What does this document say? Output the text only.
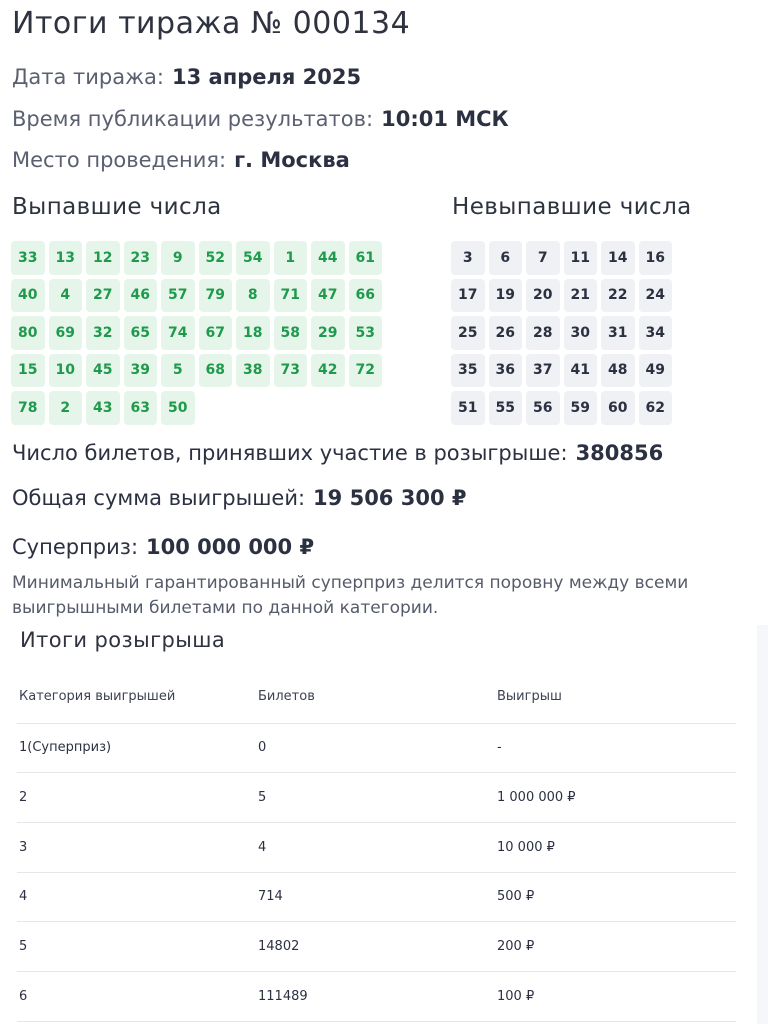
Итоги тиража № 000134
Дата тиража: 13 апреля 2025
Время публикации результатов: 10:01 МСК
Место проведения: г. Москва
Выпавшие числа	Невыпавшие числа
33	13	12	23	9	52	54	1	44	61
40	4	27	46	57	79	8	71	47	66
80	69	32	65	74	67	18	58	29	53
15	10	45	39	5	68	38	73	42	72
78	2	43	63	50
3	6	7	11	14	16
17	19	20	21	22	24
25	26	28	30	31	34
35	36	37	41	48	49
51	55	56	59	60	62
Число билетов, принявших участие в розыгрыше: 380856
Общая сумма выигрышей: 19 506 300 ₽
Суперприз: 100 000 000 ₽
Минимальный гарантированный суперприз делится поровну между всеми выигрышными билетами по данной категории.
Итоги розыгрыша
Категория выигрышей	Билетов	Выигрыш
1(Суперприз)	0	-
2	5	1 000 000 ₽
3	4	10 000 ₽
4	714	500 ₽
5	14802	200 ₽
6	111489	100 ₽
